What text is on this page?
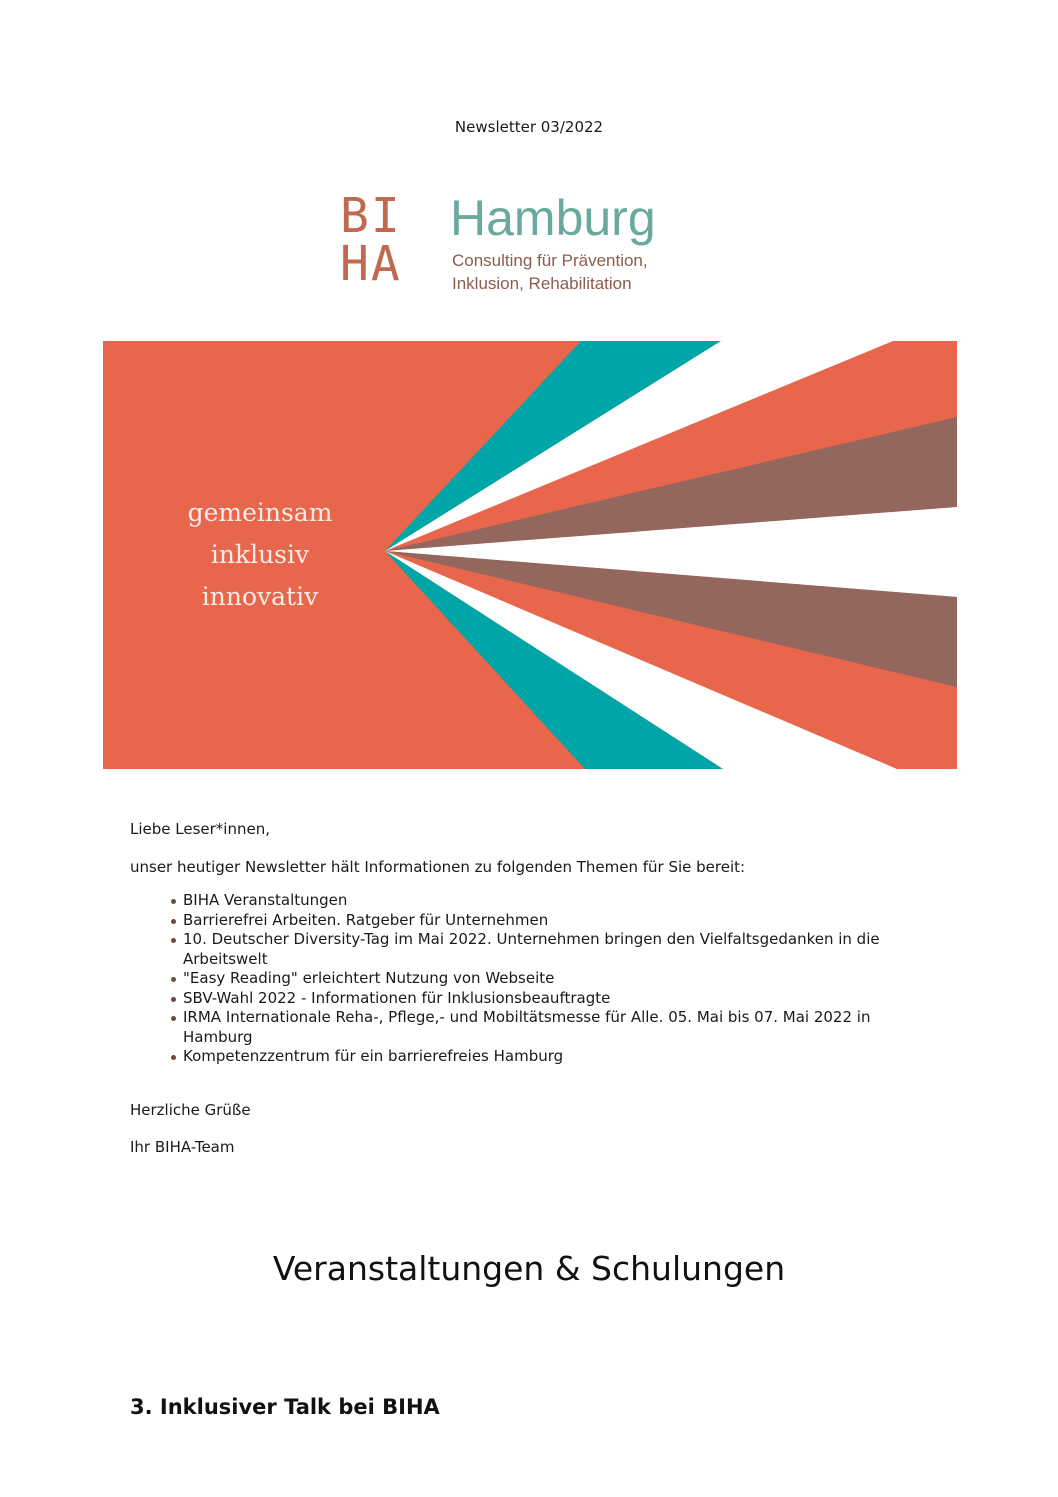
Newsletter 03/2022
BI
HA
Hamburg
Consulting für Prävention,
Inklusion, Rehabilitation
gemeinsam
inklusiv
innovativ

Liebe Leser*innen,

unser heutiger Newsletter hält Informationen zu folgenden Themen für Sie bereit:

BIHA Veranstaltungen
Barrierefrei Arbeiten. Ratgeber für Unternehmen
10. Deutscher Diversity-Tag im Mai 2022. Unternehmen bringen den Vielfaltsgedanken in die Arbeitswelt
"Easy Reading" erleichtert Nutzung von Webseite
SBV-Wahl 2022 - Informationen für Inklusionsbeauftragte
IRMA Internationale Reha-, Pflege,- und Mobiltätsmesse für Alle. 05. Mai bis 07. Mai 2022 in Hamburg
Kompetenzzentrum für ein barrierefreies Hamburg

Herzliche Grüße

Ihr BIHA-Team

Veranstaltungen & Schulungen
3. Inklusiver Talk bei BIHA
